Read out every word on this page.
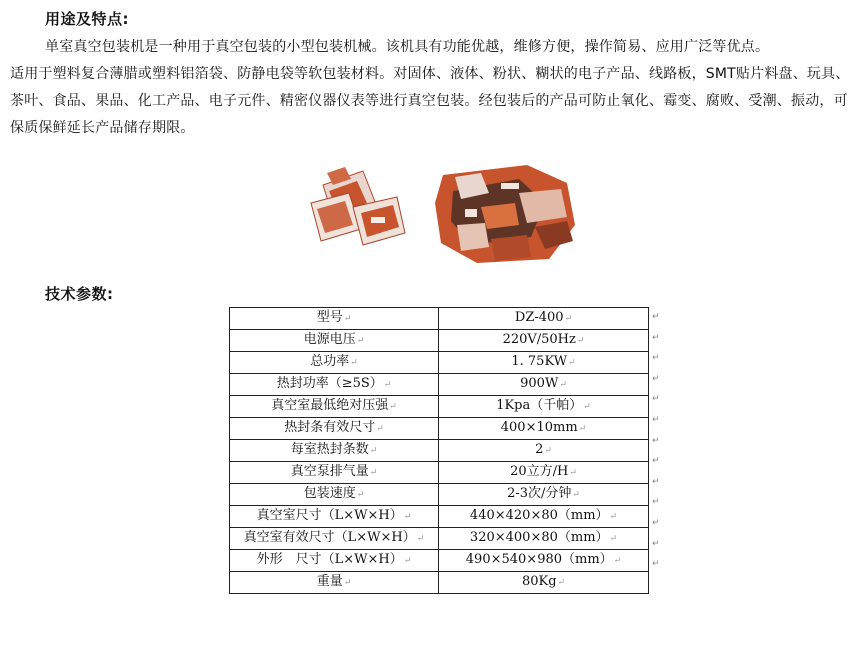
用途及特点:
单室真空包装机是一种用于真空包装的小型包装机械。该机具有功能优越，维修方便，操作简易、应用广泛等优点。
适用于塑料复合薄腊或塑料铝箔袋、防静电袋等软包装材料。对固体、液体、粉状、糊状的电子产品、线路板，SMT贴片料盘、玩具、茶叶、食品、果品、化工产品、电子元件、精密仪器仪表等进行真空包装。经包装后的产品可防止氧化、霉变、腐败、受潮、振动，可保质保鲜延长产品储存期限。
技术参数:
型号↵	DZ-400↵
电源电压↵	220V/50Hz↵
总功率↵	1. 75KW↵
热封功率（≥5S）↵	900W↵
真空室最低绝对压强↵	1Kpa（千帕）↵
热封条有效尺寸↵	400×10mm↵
每室热封条数↵	2↵
真空泵排气量↵	20立方/H↵
包装速度↵	2-3次/分钟↵
真空室尺寸（L×W×H）↵	440×420×80（mm）↵
真空室有效尺寸（L×W×H）↵	320×400×80（mm）↵
外形　尺寸（L×W×H）↵	490×540×980（mm）↵
重量↵	80Kg↵
↵
↵
↵
↵
↵
↵
↵
↵
↵
↵
↵
↵
↵
